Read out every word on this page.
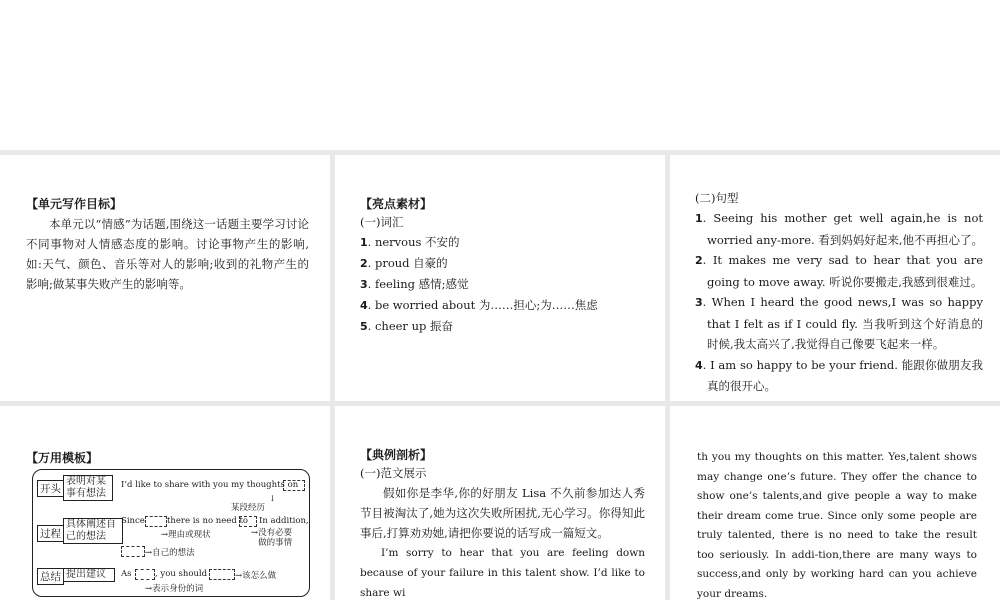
【单元写作目标】

本单元以“情感”为话题,围绕这一话题主要学习讨论不同事物对人情感态度的影响。讨论事物产生的影响,如:天气、颜色、音乐等对人的影响;收到的礼物产生的影响;做某事失败产生的影响等。

【亮点素材】

(一)词汇

1. nervous 不安的
2. proud 自豪的
3. feeling 感情;感觉
4. be worried about 为……担心;为……焦虑
5. cheer up 振奋

(二)句型

1. Seeing his mother get well again,he is not worried any-more. 看到妈妈好起来,他不再担心了。

2. It makes me very sad to hear that you are going to move away. 听说你要搬走,我感到很难过。

3. When I heard the good news,I was so happy that I felt as if I could fly. 当我听到这个好消息的时候,我太高兴了,我觉得自己像要飞起来一样。

4. I am so happy to be your friend. 能跟你做朋友我真的很开心。

【万用模板】

开头
表明对某事有想法
I’d like to share with you my thoughts on
↓
某段经历
过程
具体阐述自己的想法
Since	there is no need to In addition,
→理由或现状	→没有必要做的事情
→自己的想法
总结 提出建议	As	, you should	→该怎么做
→表示身份的词

【典例剖析】

(一)范文展示

假如你是李华,你的好朋友 Lisa 不久前参加达人秀节目被淘汰了,她为这次失败所困扰,无心学习。你得知此事后,打算劝劝她,请把你要说的话写成一篇短文。

I’m sorry to hear that you are feeling down because of your failure in this talent show. I’d like to share wi

th you my thoughts on this matter. Yes,talent shows may change one’s future. They offer the chance to show one’s talents,and give people a way to make their dream come true. Since only some people are truly talented, there is no need to take the result too seriously. In addi-tion,there are many ways to success,and only by working hard can you achieve your dreams.
